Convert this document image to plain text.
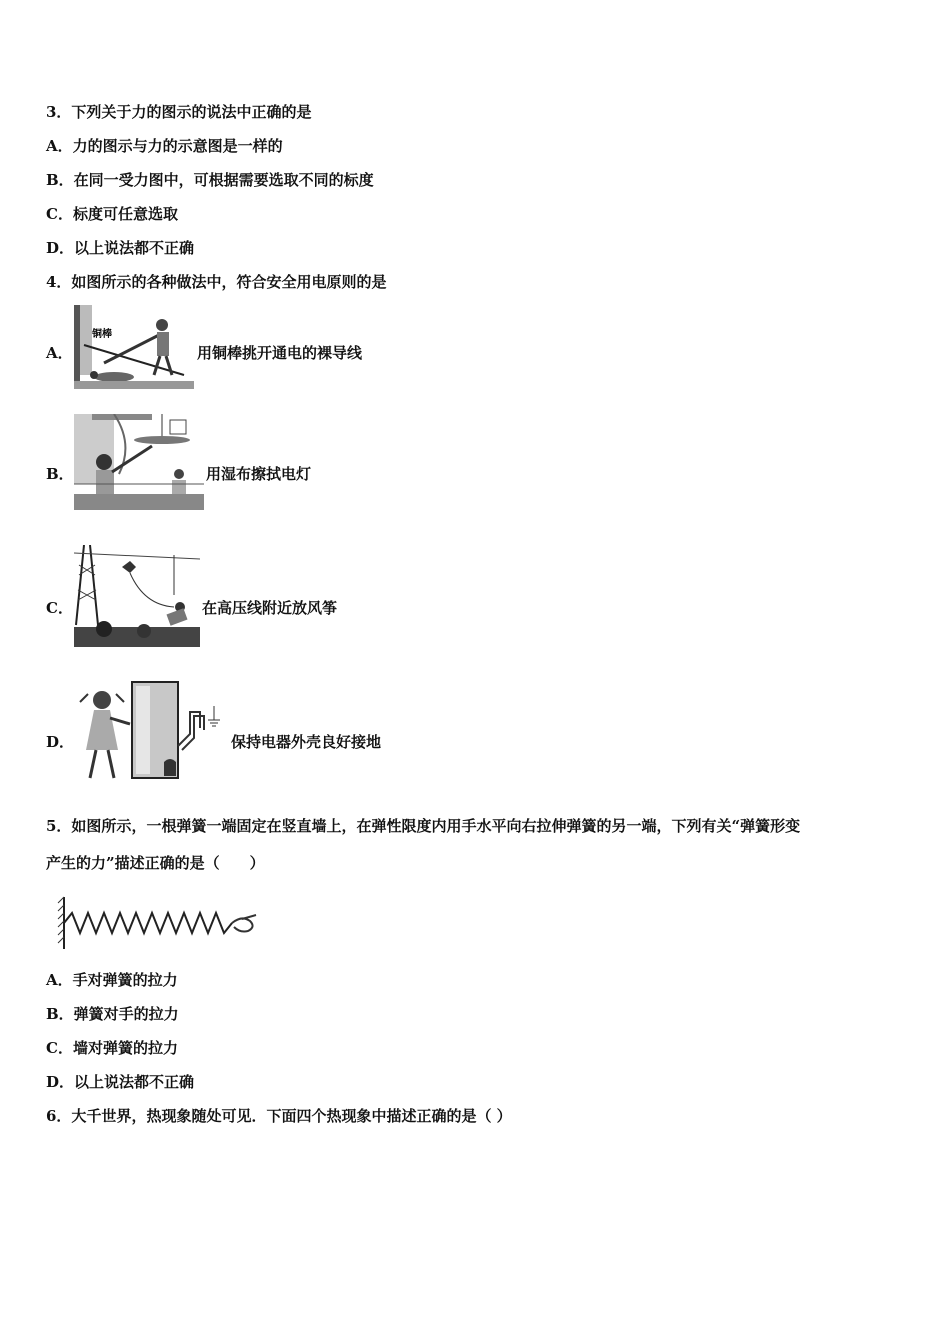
3．下列关于力的图示的说法中正确的是
A．力的图示与力的示意图是一样的
B．在同一受力图中，可根据需要选取不同的标度
C．标度可任意选取
D．以上说法都不正确
4．如图所示的各种做法中，符合安全用电原则的是
A．
铜棒
用铜棒挑开通电的裸导线
B．	用湿布擦拭电灯
C．	在高压线附近放风筝
D．	保持电器外壳良好接地
5．如图所示，一根弹簧一端固定在竖直墙上，在弹性限度内用手水平向右拉伸弹簧的另一端，下列有关“弹簧形变
产生的力”描述正确的是（　　）
A．手对弹簧的拉力
B．弹簧对手的拉力
C．墙对弹簧的拉力
D．以上说法都不正确
6．大千世界，热现象随处可见．下面四个热现象中描述正确的是（ ）
